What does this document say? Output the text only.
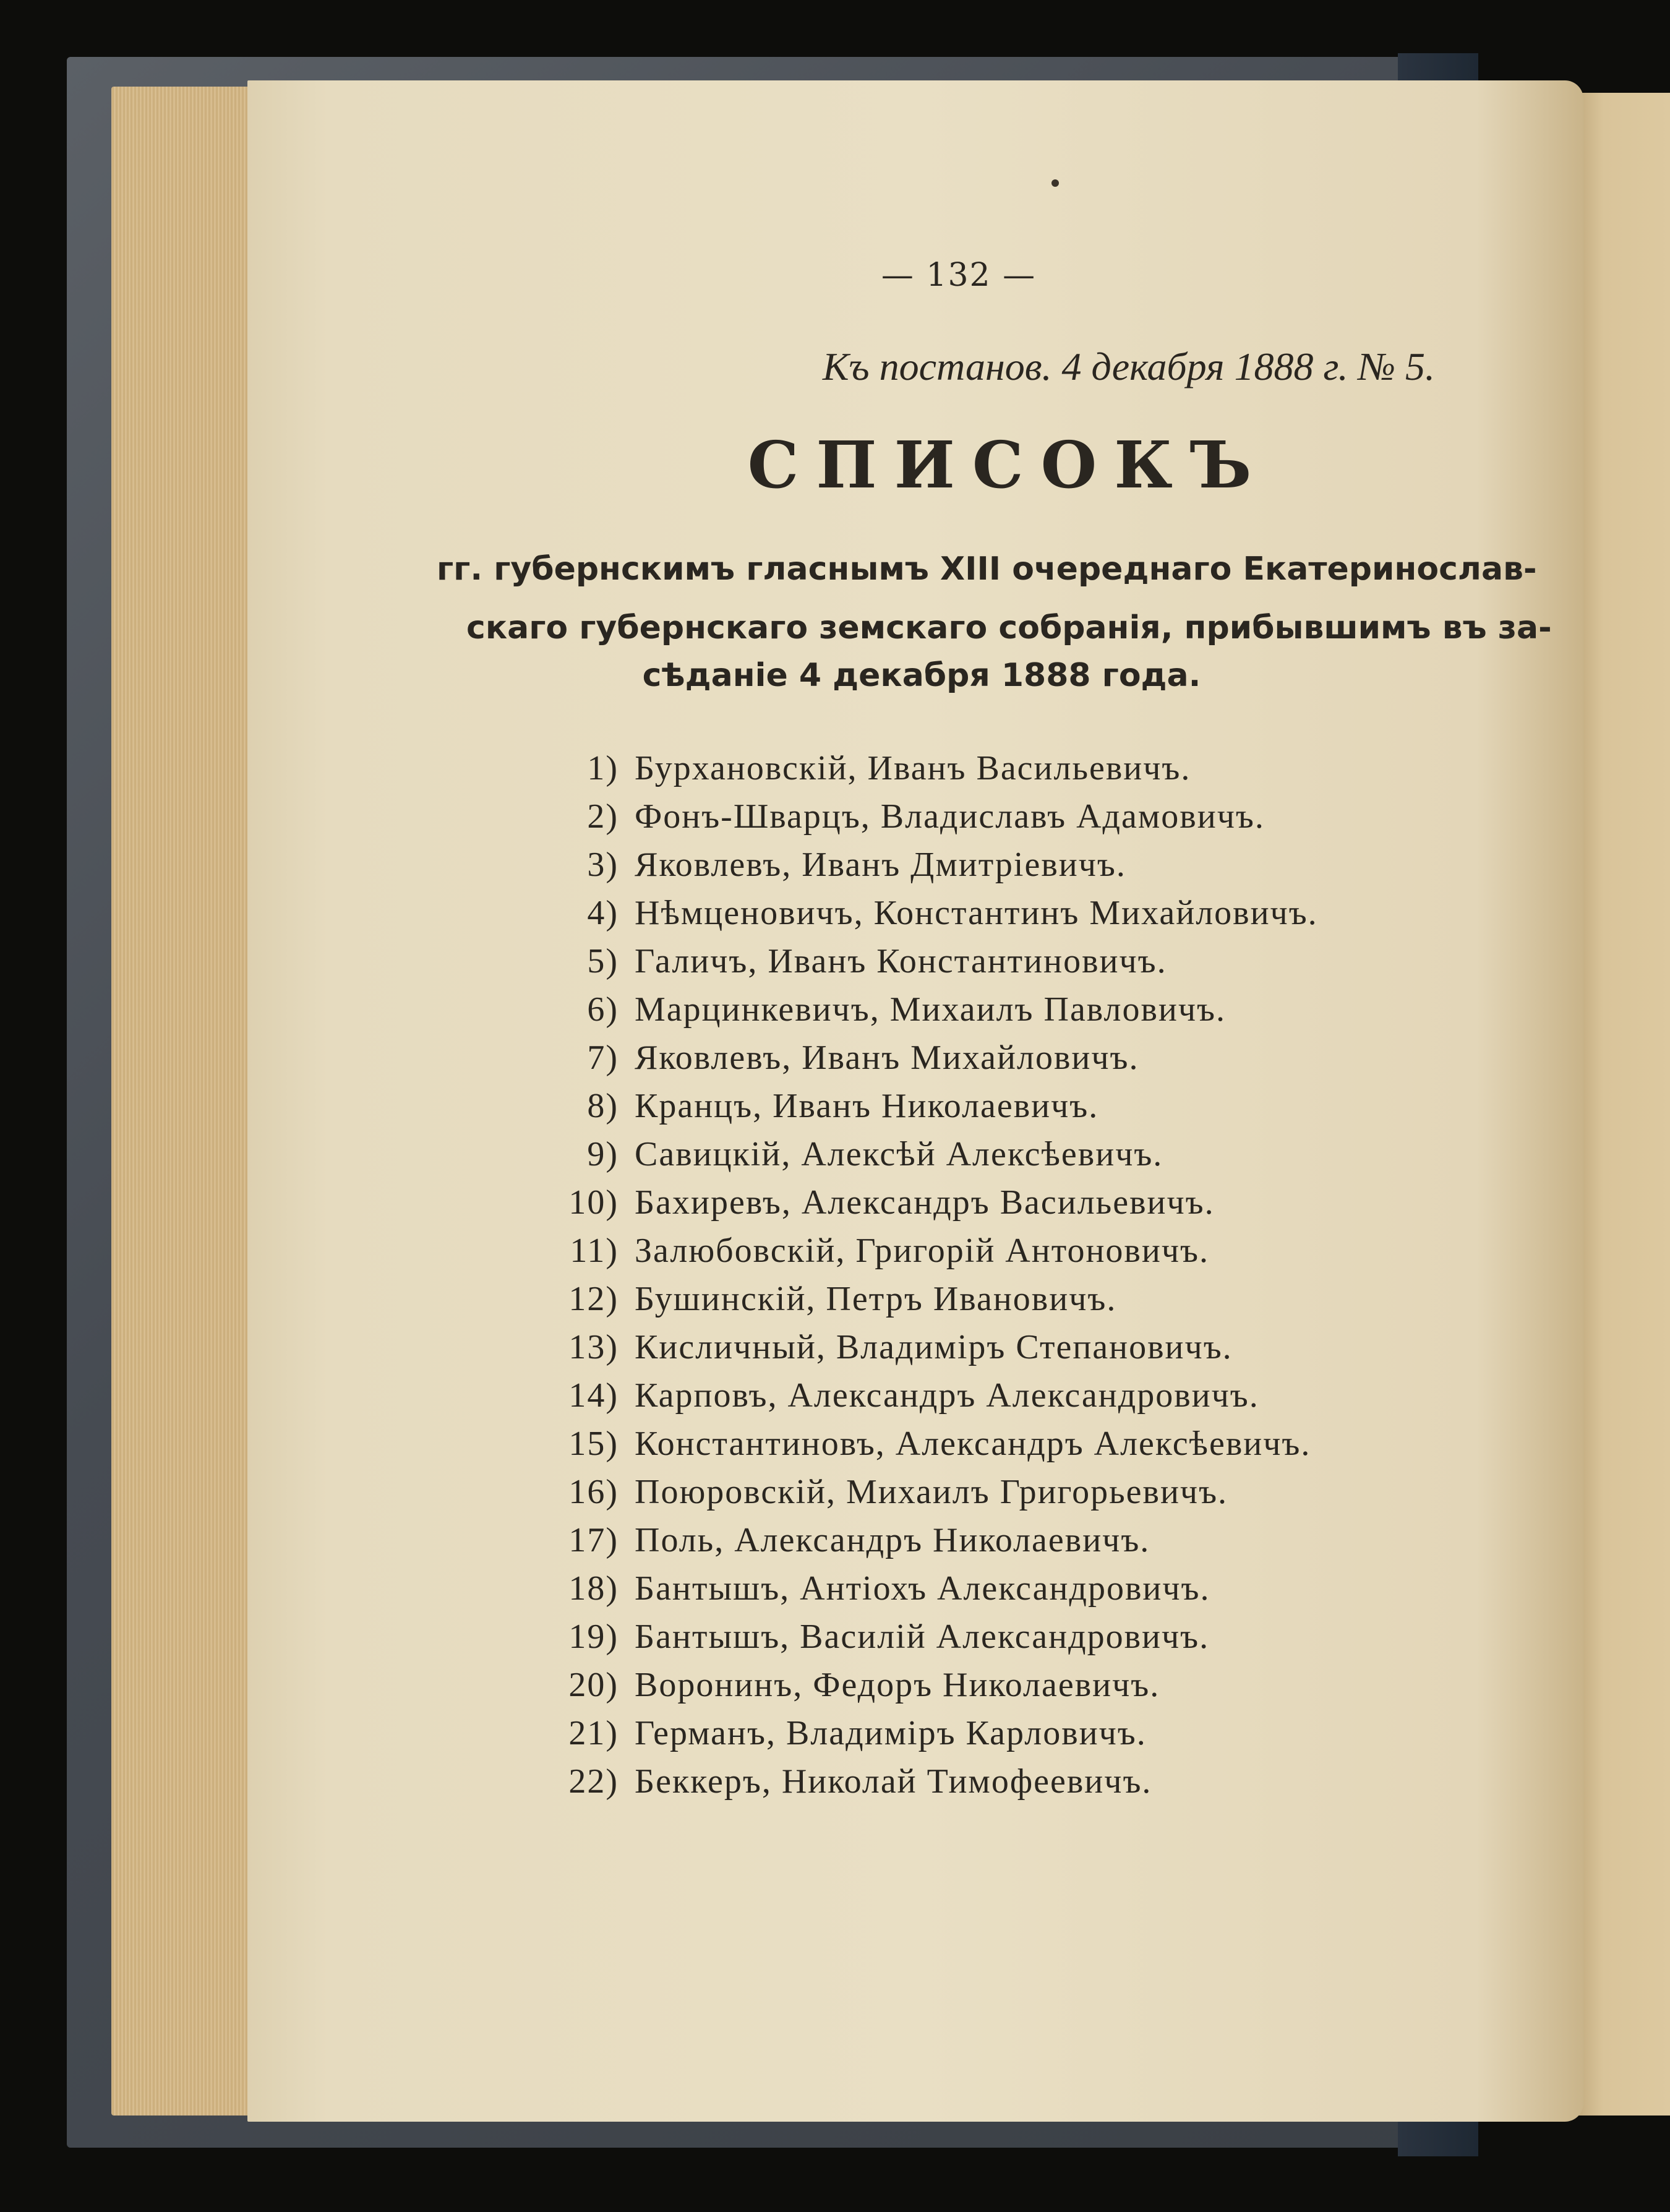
— 132 —
Къ постанов. 4 декабря 1888 г. № 5.
СПИСОКЪ
гг. губернскимъ гласнымъ XIII очереднаго Екатеринослав-
скаго губернскаго земскаго собранія, прибывшимъ въ за-
сѣданіе 4 декабря 1888 года.
1) Бурхановскій, Иванъ Васильевичъ.
2) Фонъ-Шварцъ, Владиславъ Адамовичъ.
3) Яковлевъ, Иванъ Дмитріевичъ.
4) Нѣмценовичъ, Константинъ Михайловичъ.
5) Галичъ, Иванъ Константиновичъ.
6) Марцинкевичъ, Михаилъ Павловичъ.
7) Яковлевъ, Иванъ Михайловичъ.
8) Кранцъ, Иванъ Николаевичъ.
9) Савицкій, Алексѣй Алексѣевичъ.
10) Бахиревъ, Александръ Васильевичъ.
11) Залюбовскій, Григорій Антоновичъ.
12) Бушинскій, Петръ Ивановичъ.
13) Кисличный, Владиміръ Степановичъ.
14) Карповъ, Александръ Александровичъ.
15) Константиновъ, Александръ Алексѣевичъ.
16) Поюровскій, Михаилъ Григорьевичъ.
17) Поль, Александръ Николаевичъ.
18) Бантышъ, Антіохъ Александровичъ.
19) Бантышъ, Василій Александровичъ.
20) Воронинъ, Федоръ Николаевичъ.
21) Германъ, Владиміръ Карловичъ.
22) Беккеръ, Николай Тимофеевичъ.
